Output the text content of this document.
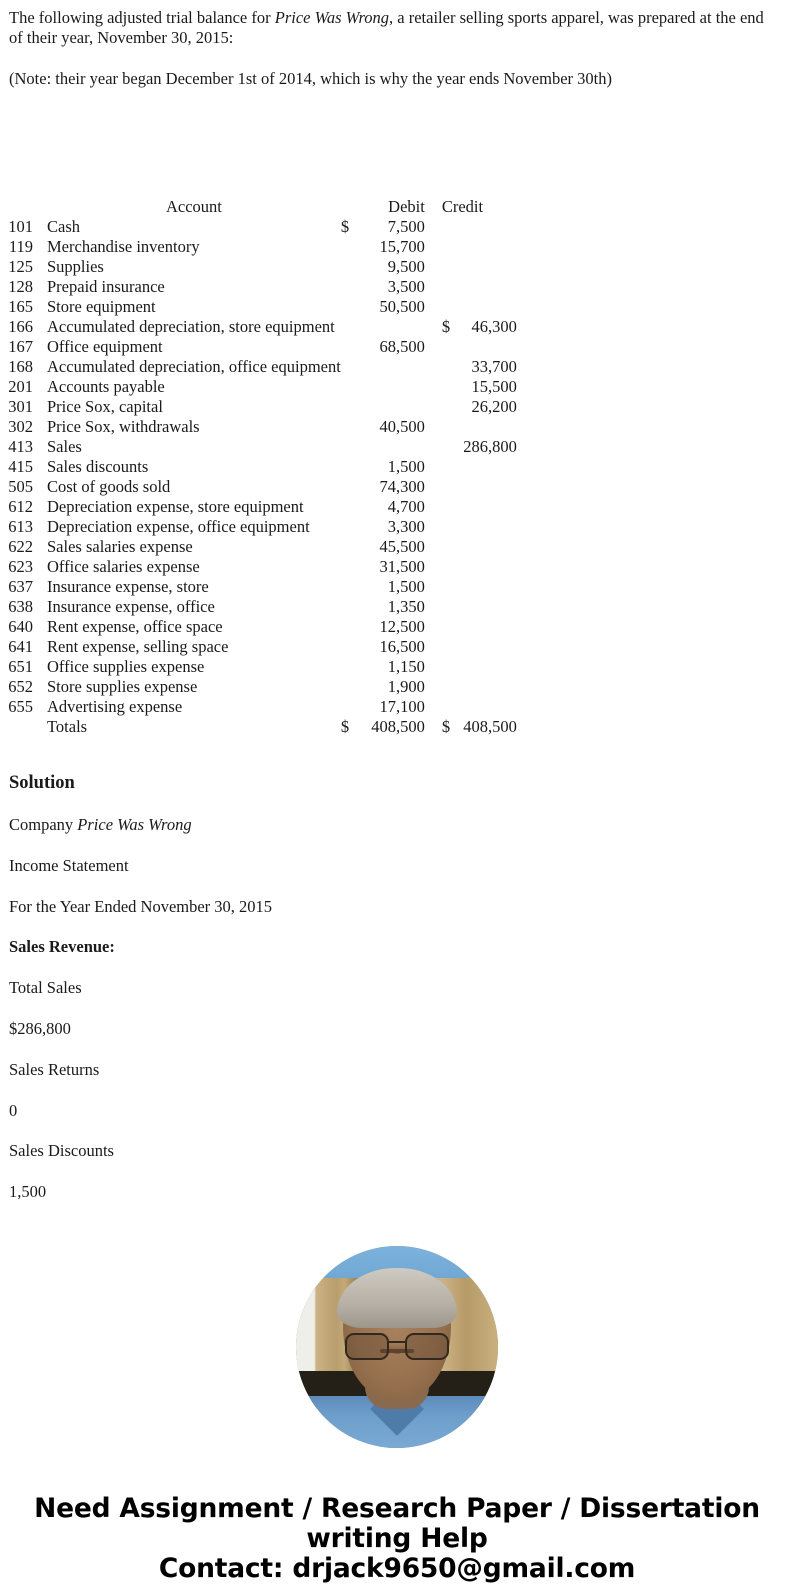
The following adjusted trial balance for Price Was Wrong, a retailer selling sports apparel, was prepared at the end of their year, November 30, 2015:

(Note: their year began December 1st of 2014, which is why the year ends November 30th)

	Account		Debit	Credit	
101	Cash	$	7,500		
119	Merchandise inventory		15,700		
125	Supplies		9,500		
128	Prepaid insurance		3,500		
165	Store equipment		50,500		
166	Accumulated depreciation, store equipment			$	46,300
167	Office equipment		68,500		
168	Accumulated depreciation, office equipment				33,700
201	Accounts payable				15,500
301	Price Sox, capital				26,200
302	Price Sox, withdrawals		40,500		
413	Sales				286,800
415	Sales discounts		1,500		
505	Cost of goods sold		74,300		
612	Depreciation expense, store equipment		4,700		
613	Depreciation expense, office equipment		3,300		
622	Sales salaries expense		45,500		
623	Office salaries expense		31,500		
637	Insurance expense, store		1,500		
638	Insurance expense, office		1,350		
640	Rent expense, office space		12,500		
641	Rent expense, selling space		16,500		
651	Office supplies expense		1,150		
652	Store supplies expense		1,900		
655	Advertising expense		17,100		
	Totals	$	408,500	$	408,500
Solution

Company Price Was Wrong

Income Statement

For the Year Ended November 30, 2015

Sales Revenue:

Total Sales

$286,800

Sales Returns

0

Sales Discounts

1,500

Need Assignment / Research Paper / Dissertation
writing Help
Contact: drjack9650@gmail.com
